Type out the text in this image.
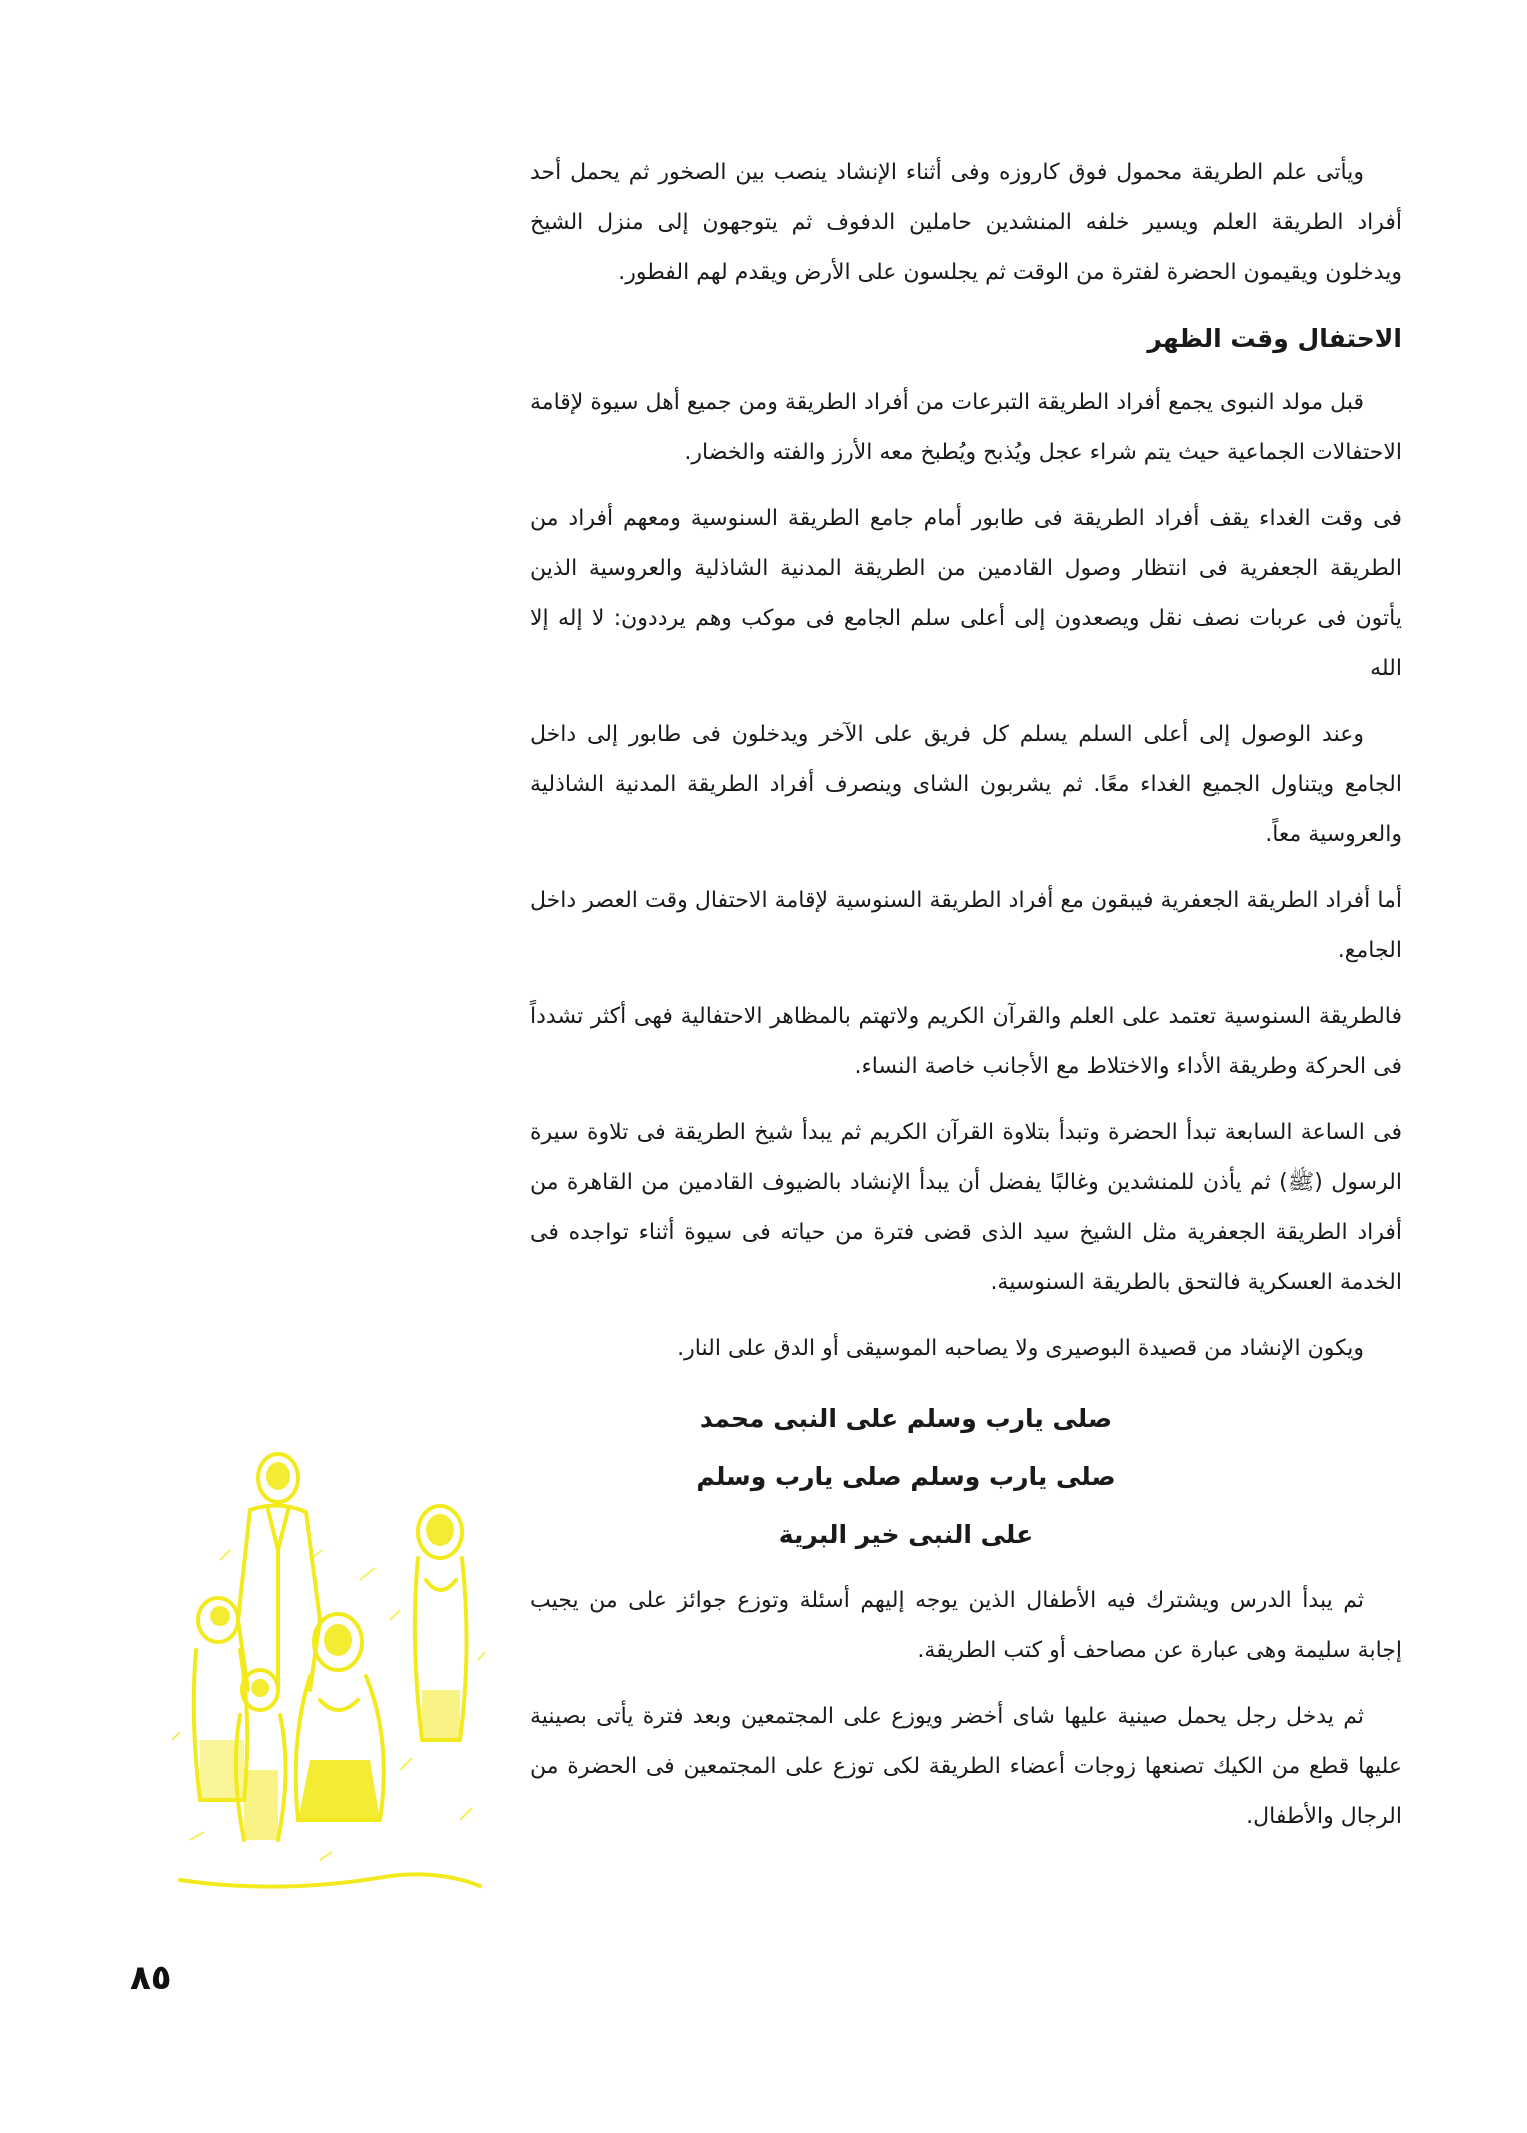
ويأتى علم الطريقة محمول فوق كاروزه وفى أثناء الإنشاد ينصب بين الصخور ثم يحمل أحد أفراد الطريقة العلم ويسير خلفه المنشدين حاملين الدفوف ثم يتوجهون إلى منزل الشيخ ويدخلون ويقيمون الحضرة لفترة من الوقت ثم يجلسون على الأرض ويقدم لهم الفطور.

الاحتفال وقت الظهر

قبل مولد النبوى يجمع أفراد الطريقة التبرعات من أفراد الطريقة ومن جميع أهل سيوة لإقامة الاحتفالات الجماعية حيث يتم شراء عجل ويُذبح ويُطبخ معه الأرز والفته والخضار.

فى وقت الغداء يقف أفراد الطريقة فى طابور أمام جامع الطريقة السنوسية ومعهم أفراد من الطريقة الجعفرية فى انتظار وصول القادمين من الطريقة المدنية الشاذلية والعروسية الذين يأتون فى عربات نصف نقل ويصعدون إلى أعلى سلم الجامع فى موكب وهم يرددون: لا إله إلا الله

وعند الوصول إلى أعلى السلم يسلم كل فريق على الآخر ويدخلون فى طابور إلى داخل الجامع ويتناول الجميع الغداء معًا. ثم يشربون الشاى وينصرف أفراد الطريقة المدنية الشاذلية والعروسية معاً.

أما أفراد الطريقة الجعفرية فيبقون مع أفراد الطريقة السنوسية لإقامة الاحتفال وقت العصر داخل الجامع.

فالطريقة السنوسية تعتمد على العلم والقرآن الكريم ولاتهتم بالمظاهر الاحتفالية فهى أكثر تشدداً فى الحركة وطريقة الأداء والاختلاط مع الأجانب خاصة النساء.

فى الساعة السابعة تبدأ الحضرة وتبدأ بتلاوة القرآن الكريم ثم يبدأ شيخ الطريقة فى تلاوة سيرة الرسول (ﷺ) ثم يأذن للمنشدين وغالبًا يفضل أن يبدأ الإنشاد بالضيوف القادمين من القاهرة من أفراد الطريقة الجعفرية مثل الشيخ سيد الذى قضى فترة من حياته فى سيوة أثناء تواجده فى الخدمة العسكرية فالتحق بالطريقة السنوسية.

ويكون الإنشاد من قصيدة البوصيرى ولا يصاحبه الموسيقى أو الدق على النار.

صلى يارب وسلم على النبى محمد

صلى يارب وسلم صلى يارب وسلم

على النبى خير البرية

ثم يبدأ الدرس ويشترك فيه الأطفال الذين يوجه إليهم أسئلة وتوزع جوائز على من يجيب إجابة سليمة وهى عبارة عن مصاحف أو كتب الطريقة.

ثم يدخل رجل يحمل صينية عليها شاى أخضر ويوزع على المجتمعين وبعد فترة يأتى بصينية عليها قطع من الكيك تصنعها زوجات أعضاء الطريقة لكى توزع على المجتمعين فى الحضرة من الرجال والأطفال.

٨٥
